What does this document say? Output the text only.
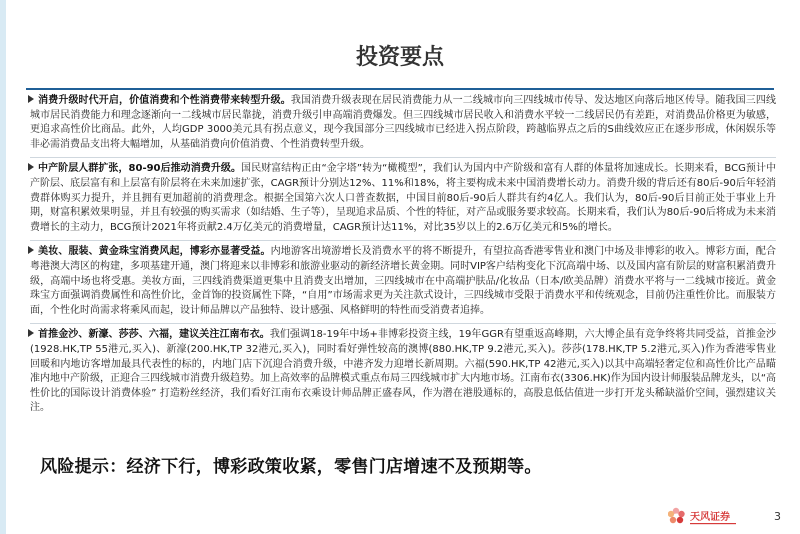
投资要点

消费升级时代开启，价值消费和个性消费带来转型升级。我国消费升级表现在居民消费能力从一二线城市向三四线城市传导、发达地区向落后地区传导。随我国三四线城市居民消费能力和理念逐渐向一二线城市居民靠拢，消费升级引申高端消费爆发。但三四线城市居民收入和消费水平较一二线居民仍有差距，对消费品价格更为敏感，更追求高性价比商品。此外，人均GDP 3000美元具有拐点意义，现今我国部分三四线城市已经进入拐点阶段，跨越临界点之后的S曲线效应正在逐步形成，休闲娱乐等非必需消费品支出将大幅增加，从基础消费向价值消费、个性消费转型升级。

中产阶层人群扩张，80-90后推动消费升级。国民财富结构正由“金字塔”转为“橄榄型”，我们认为国内中产阶级和富有人群的体量将加速成长。长期来看，BCG预计中产阶层、底层富有和上层富有阶层将在未来加速扩张，CAGR预计分别达12%、11%和18%，将主要构成未来中国消费增长动力。消费升级的背后还有80后-90后年轻消费群体购买力提升，并且拥有更加超前的消费理念。根据全国第六次人口普查数据，中国目前80后-90后人群共有约4亿人。我们认为，80后-90后目前正处于事业上升期，财富积累效果明显，并且有较强的购买需求（如结婚、生子等），呈现追求品质、个性的特征，对产品或服务要求较高。长期来看，我们认为80后-90后将成为未来消费增长的主动力，BCG预计2021年将贡献2.4万亿美元的消费增量，CAGR预计达11%，对比35岁以上的2.6万亿美元和5%的增长。

美妆、服装、黄金珠宝消费风起，博彩亦显著受益。内地游客出境游增长及消费水平的将不断提升，有望拉高香港零售业和澳门中场及非博彩的收入。博彩方面，配合粤港澳大湾区的构建，多项基建开通，澳门将迎来以非博彩和旅游业驱动的新经济增长黄金期。同时VIP客户结构变化下沉高端中场、以及国内富有阶层的财富积累消费升级，高端中场也将受惠。美妆方面，三四线消费渠道更集中且消费支出增加，三四线城市在中高端护肤品/化妆品（日本/欧美品牌）消费水平将与一二线城市接近。黄金珠宝方面强调消费属性和高性价比，金首饰的投资属性下降，“自用”市场需求更为关注款式设计，三四线城市受限于消费水平和传统观念，目前仍注重性价比。而服装方面，个性化时尚需求将乘风而起，设计师品牌以产品独特、设计感强、风格鲜明的特性而受消费者追捧。

首推金沙、新濠、莎莎、六福，建议关注江南布衣。我们强调18-19年中场+非博彩投资主线，19年GGR有望重返高峰期，六大博企虽有竞争终将共同受益，首推金沙(1928.HK,TP 55港元,买入)、新濠(200.HK,TP 32港元,买入)，同时看好弹性较高的澳博(880.HK,TP 9.2港元,买入)。莎莎(178.HK,TP 5.2港元,买入)作为香港零售业回暖和内地访客增加最具代表性的标的，内地门店下沉迎合消费升级，中港齐发力迎增长新周期。六福(590.HK,TP 42港元,买入)以其中高端轻奢定位和高性价比产品瞄准内地中产阶级，正迎合三四线城市消费升级趋势。加上高效率的品牌模式重点布局三四线城市扩大内地市场。江南布衣(3306.HK)作为国内设计师服装品牌龙头，以“高性价比的国际设计消费体验” 打造粉丝经济，我们看好江南布衣乘设计师品牌正盛春风，作为潜在港股通标的，高股息低估值进一步打开龙头稀缺溢价空间，强烈建议关注。

风险提示：经济下行，博彩政策收紧，零售门店增速不及预期等。
天风证券	3
